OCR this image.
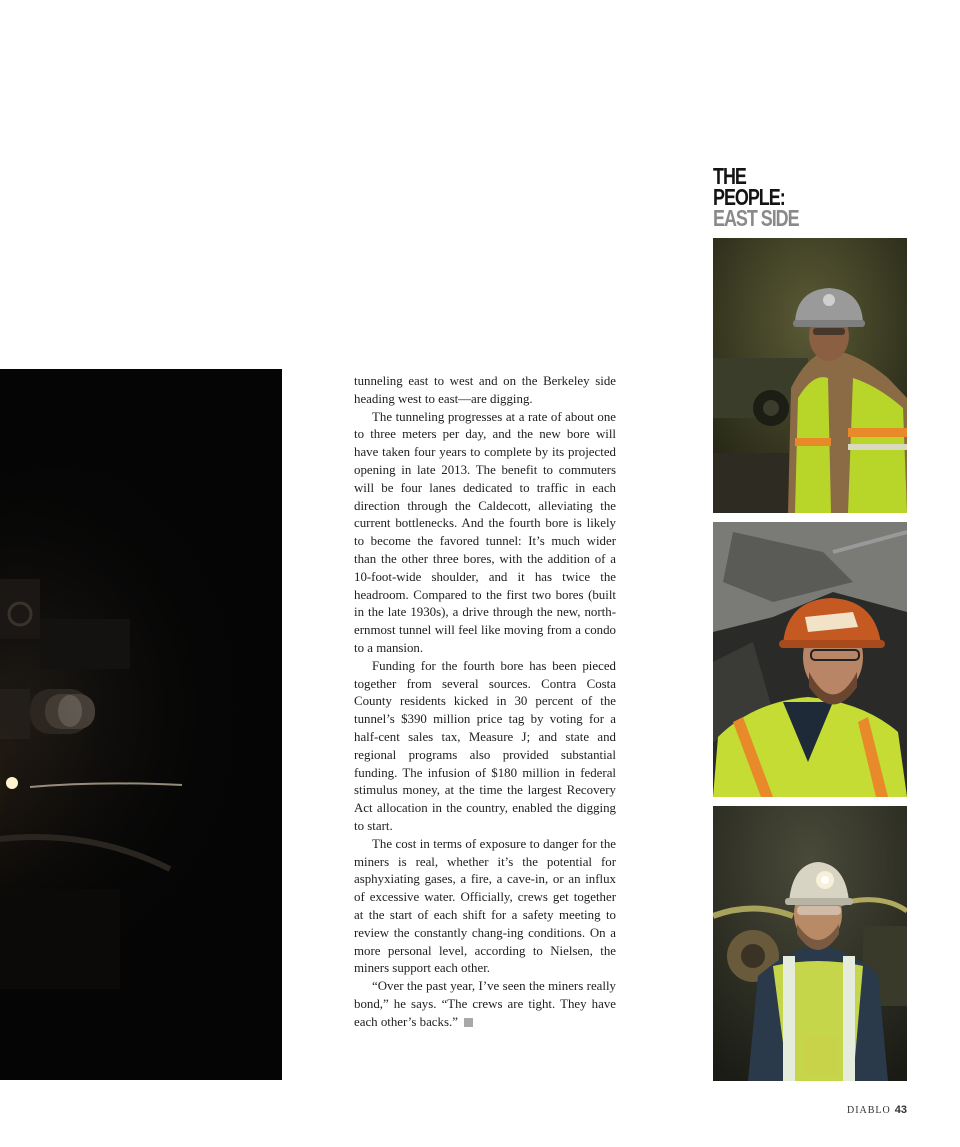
tunneling east to west and on the Berkeley side heading west to east—are digging.

The tunneling progresses at a rate of about one to three meters per day, and the new bore will have taken four years to complete by its projected opening in late 2013. The benefit to commuters will be four lanes dedicated to traffic in each direction through the Caldecott, alleviating the current bottlenecks. And the fourth bore is likely to become the favored tunnel: It’s much wider than the other three bores, with the addition of a 10-foot-wide shoulder, and it has twice the headroom. Compared to the first two bores (built in the late 1930s), a drive through the new, north-ernmost tunnel will feel like moving from a condo to a mansion.

Funding for the fourth bore has been pieced together from several sources. Contra Costa County residents kicked in 30 percent of the tunnel’s $390 million price tag by voting for a half-cent sales tax, Measure J; and state and regional programs also provided substantial funding. The infusion of $180 million in federal stimulus money, at the time the largest Recovery Act allocation in the country, enabled the digging to start.

The cost in terms of exposure to danger for the miners is real, whether it’s the potential for asphyxiating gases, a fire, a cave-in, or an influx of excessive water. Officially, crews get together at the start of each shift for a safety meeting to review the constantly chang-ing conditions. On a more personal level, according to Nielsen, the miners support each other.

“Over the past year, I’ve seen the miners really bond,” he says. “The crews are tight. They have each other’s backs.”

THE
PEOPLE:
EAST SIDE
DIABLO 43
